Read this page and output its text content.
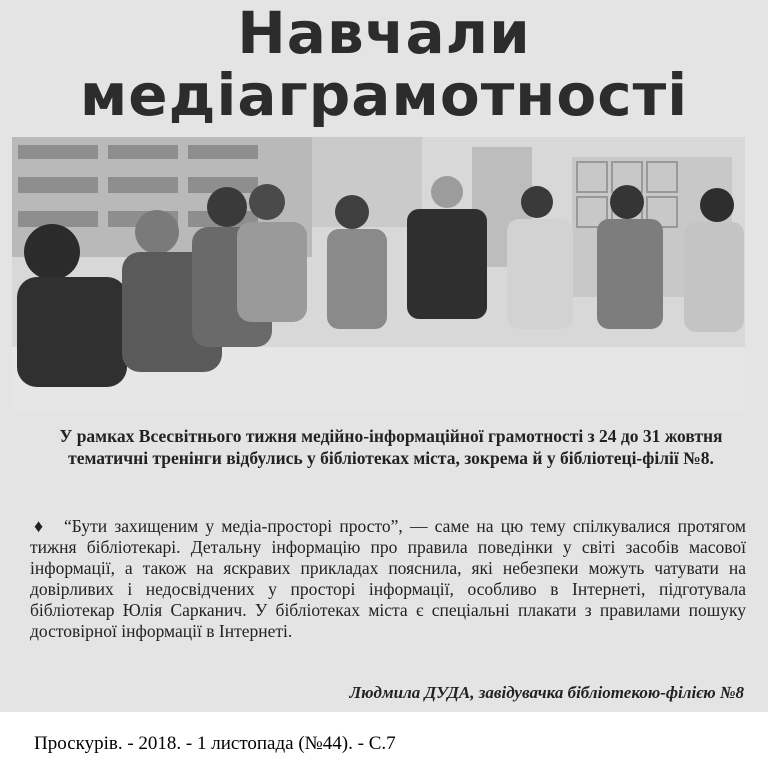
Навчали
медіаграмотності
У рамках Всесвітнього тижня медійно-інформаційної грамотності з 24 до 31 жовтня тематичні тренінги відбулись у бібліотеках міста, зокрема й у бібліотеці-філії №8.
♦	“Бути захищеним у медіа-просторі просто”, — саме на цю тему спілкувалися протягом тижня бібліотекарі. Детальну інформацію про правила поведінки у світі засобів масової інформації, а також на яскравих прикладах пояснила, які небезпеки можуть чатувати на довірливих і недосвідчених у просторі інформації, особливо в Інтернеті, підготувала бібліотекар Юлія Сарканич. У бібліотеках міста є спеціальні плакати з правилами пошуку достовірної інформації в Інтернеті.
Людмила ДУДА, завідувачка бібліотекою-філією №8
Проскурів. - 2018. - 1 листопада (№44). - С.7
